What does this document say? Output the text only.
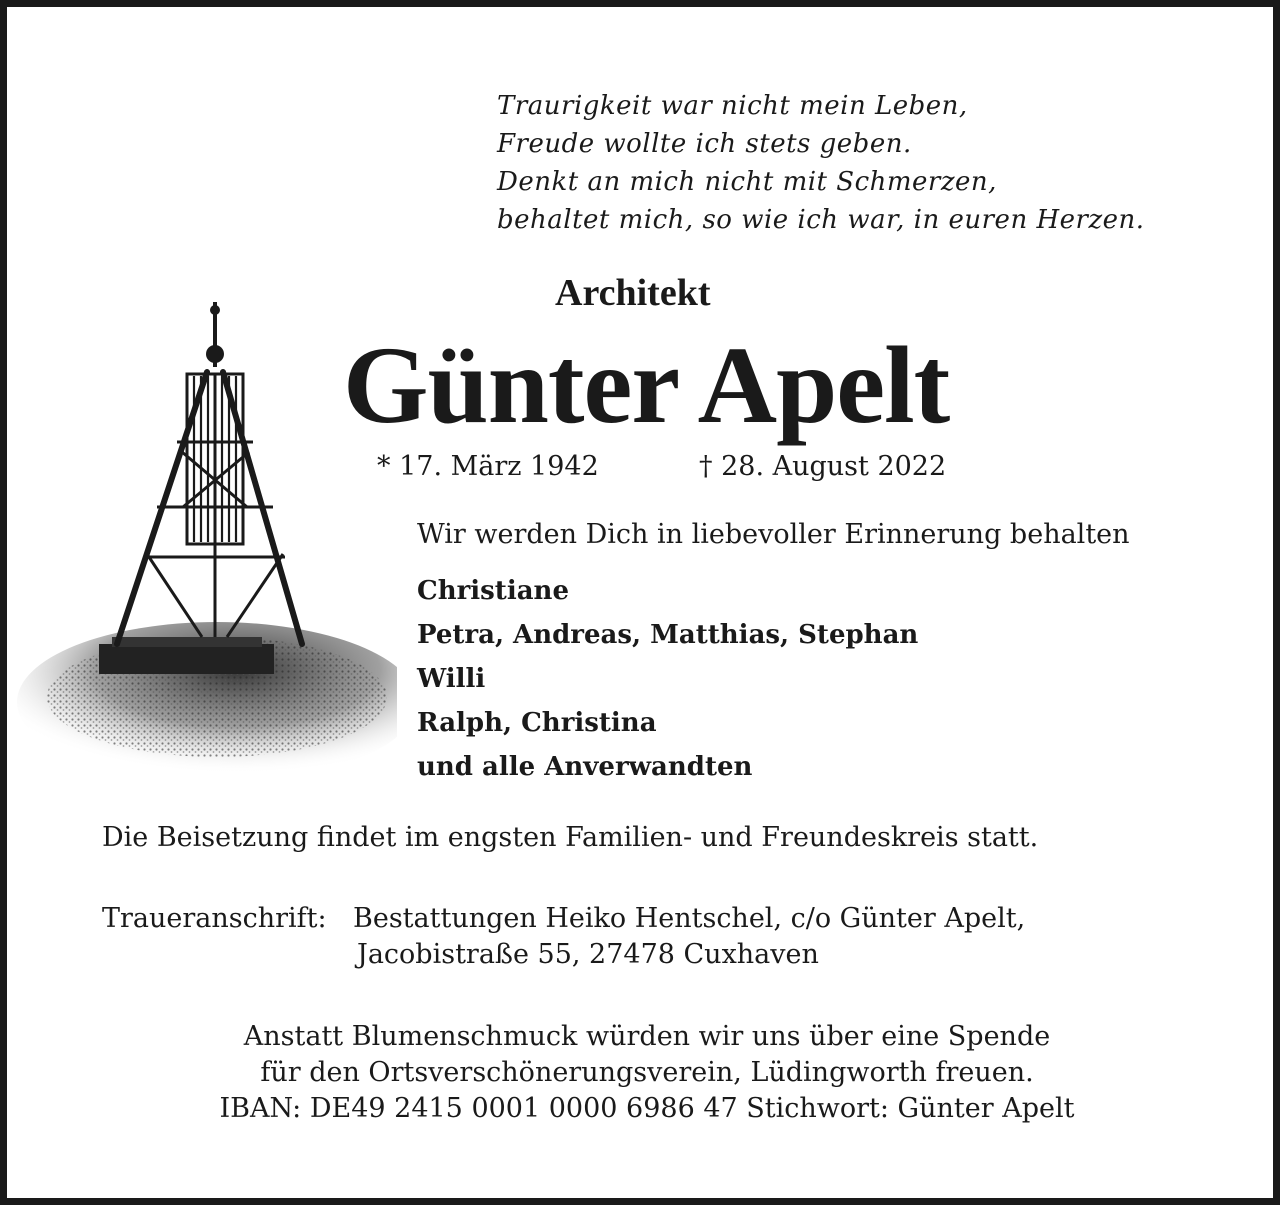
Traurigkeit war nicht mein Leben,
Freude wollte ich stets geben.
Denkt an mich nicht mit Schmerzen,
behaltet mich, so wie ich war, in euren Herzen.
Architekt
Günter Apelt
* 17. März 1942	† 28. August 2022
Wir werden Dich in liebevoller Erinnerung behalten
Christiane
Petra, Andreas, Matthias, Stephan
Willi
Ralph, Christina
und alle Anverwandten
Die Beisetzung findet im engsten Familien- und Freundeskreis statt.
Traueranschrift: Bestattungen Heiko Hentschel, c/o Günter Apelt,
Jacobistraße 55, 27478 Cuxhaven
Anstatt Blumenschmuck würden wir uns über eine Spende
für den Ortsverschönerungsverein, Lüdingworth freuen.
IBAN: DE49 2415 0001 0000 6986 47 Stichwort: Günter Apelt
